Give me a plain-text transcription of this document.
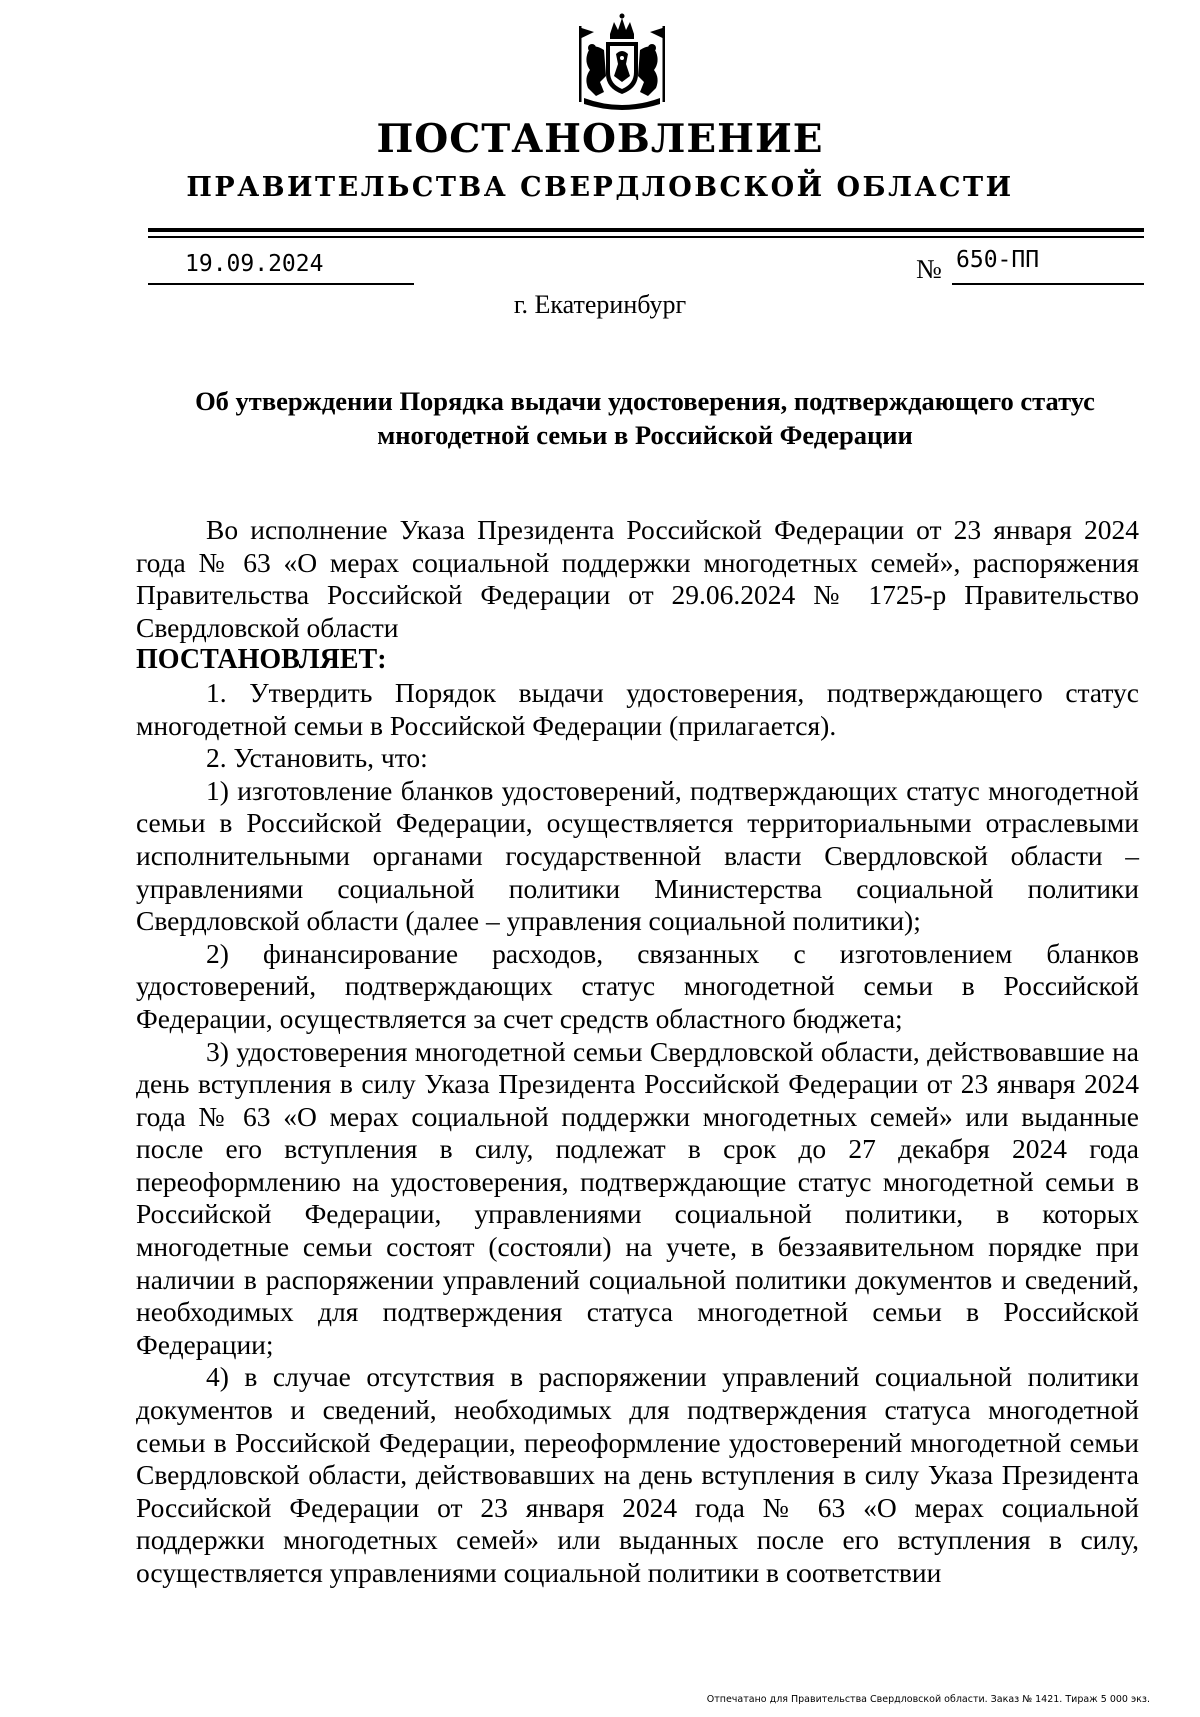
ПОСТАНОВЛЕНИЕ
ПРАВИТЕЛЬСТВА СВЕРДЛОВСКОЙ ОБЛАСТИ
19.09.2024	№ 650-ПП
г. Екатеринбург
Об утверждении Порядка выдачи удостоверения, подтверждающего статус
многодетной семьи в Российской Федерации

Во исполнение Указа Президента Российской Федерации от 23 января 2024 года № 63 «О мерах социальной поддержки многодетных семей», распоряжения Правительства Российской Федерации от 29.06.2024 № 1725-р Правительство Свердловской области

ПОСТАНОВЛЯЕТ:

1. Утвердить Порядок выдачи удостоверения, подтверждающего статус многодетной семьи в Российской Федерации (прилагается).

2. Установить, что:

1) изготовление бланков удостоверений, подтверждающих статус многодетной семьи в Российской Федерации, осуществляется территориальными отраслевыми исполнительными органами государственной власти Свердловской области – управлениями социальной политики Министерства социальной политики Свердловской области (далее – управления социальной политики);

2) финансирование расходов, связанных с изготовлением бланков удостоверений, подтверждающих статус многодетной семьи в Российской Федерации, осуществляется за счет средств областного бюджета;

3) удостоверения многодетной семьи Свердловской области, действовавшие на день вступления в силу Указа Президента Российской Федерации от 23 января 2024 года № 63 «О мерах социальной поддержки многодетных семей» или выданные после его вступления в силу, подлежат в срок до 27 декабря 2024 года переоформлению на удостоверения, подтверждающие статус многодетной семьи в Российской Федерации, управлениями социальной политики, в которых многодетные семьи состоят (состояли) на учете, в беззаявительном порядке при наличии в распоряжении управлений социальной политики документов и сведений, необходимых для подтверждения статуса многодетной семьи в Российской Федерации;

4) в случае отсутствия в распоряжении управлений социальной политики документов и сведений, необходимых для подтверждения статуса многодетной семьи в Российской Федерации, переоформление удостоверений многодетной семьи Свердловской области, действовавших на день вступления в силу Указа Президента Российской Федерации от 23 января 2024 года № 63 «О мерах социальной поддержки многодетных семей» или выданных после его вступления в силу, осуществляется управлениями социальной политики в соответствии

Отпечатано для Правительства Свердловской области. Заказ № 1421. Тираж 5 000 экз.
